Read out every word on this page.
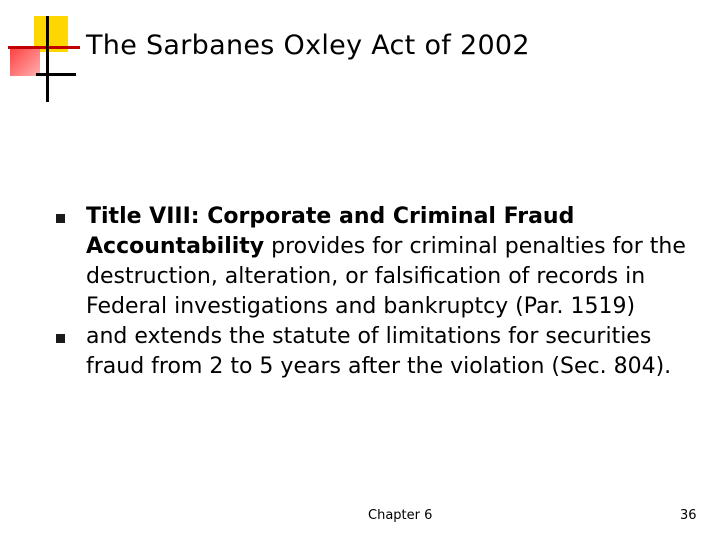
The Sarbanes Oxley Act of 2002
Title VIII: Corporate and Criminal Fraud Accountability provides for criminal penalties for the destruction, alteration, or falsification of records in Federal investigations and bankruptcy (Par. 1519)
and extends the statute of limitations for securities fraud from 2 to 5 years after the violation (Sec. 804).
Chapter 6	36
